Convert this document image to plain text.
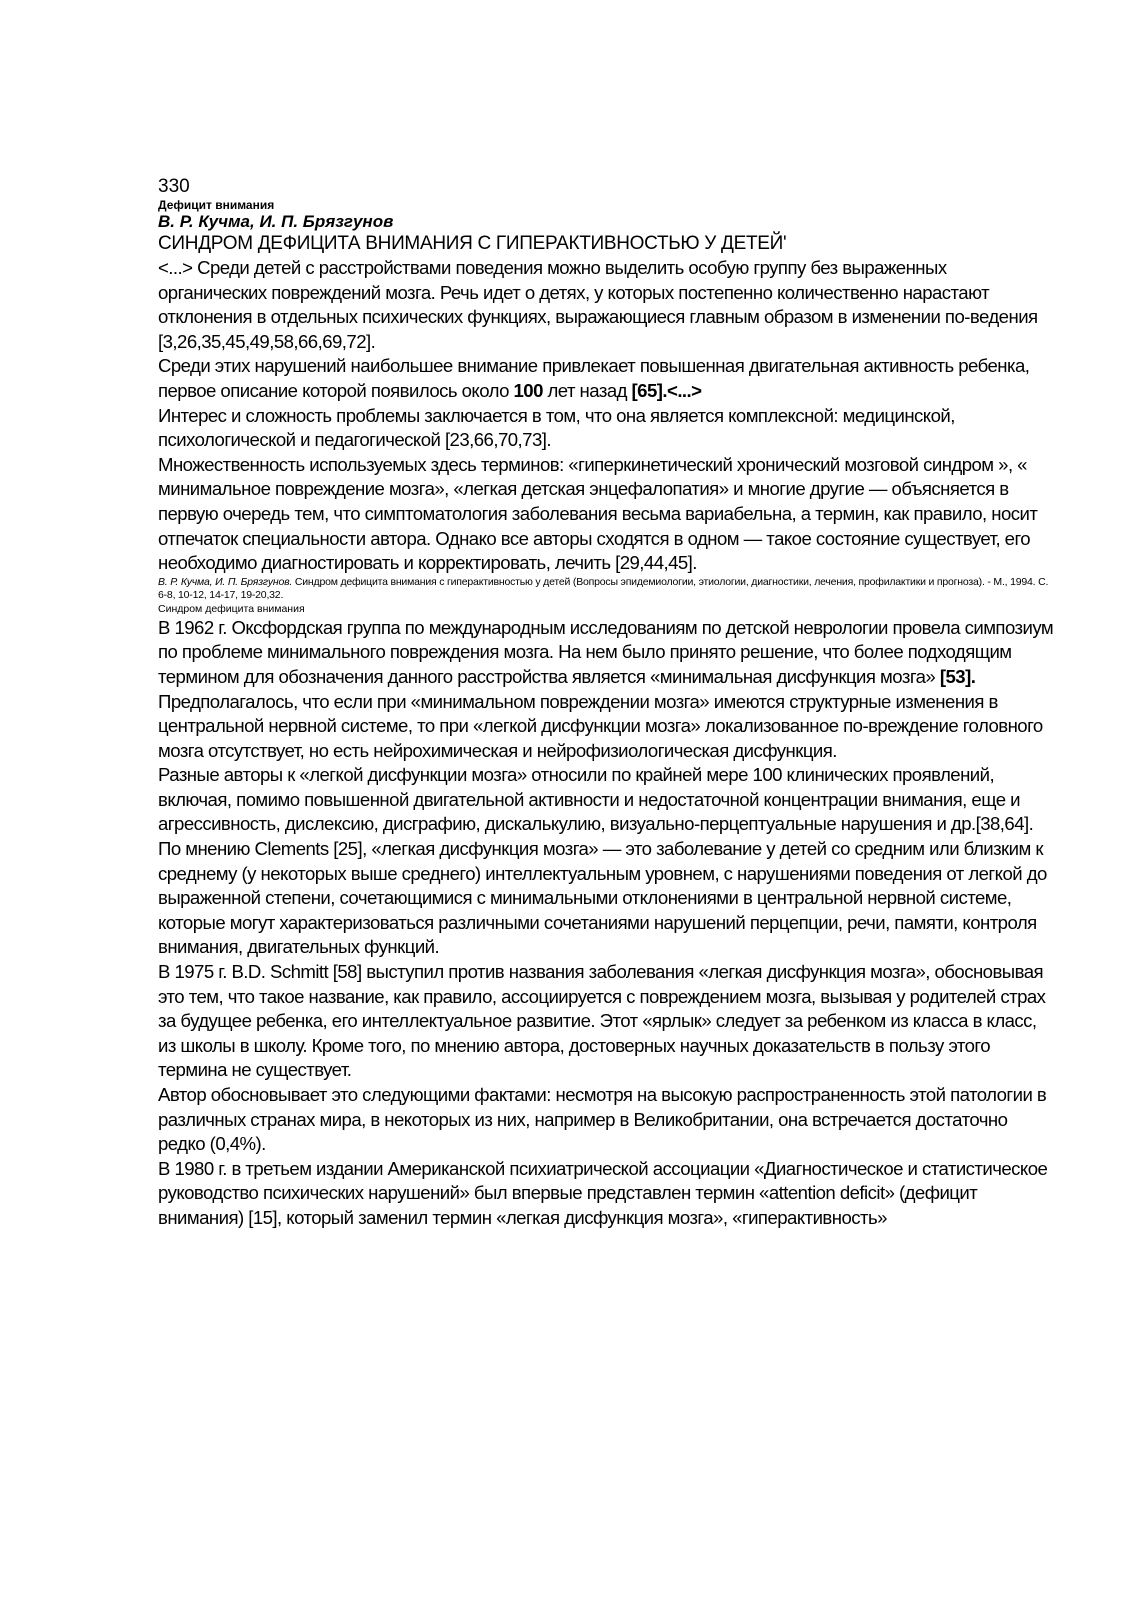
330
Дефицит внимания
В. Р. Кучма, И. П. Брязгунов
СИНДРОМ ДЕФИЦИТА ВНИМАНИЯ С ГИПЕРАКТИВНОСТЬЮ У ДЕТЕЙ'

<...> Среди детей с расстройствами поведения можно выделить особую группу без выраженных органических повреждений мозга. Речь идет о детях, у которых постепенно количественно нарастают отклонения в отдельных психических функциях, выражающиеся главным образом в изменении по-ведения [3,26,35,45,49,58,66,69,72].

Среди этих нарушений наибольшее внимание привлекает повышенная двигательная активность ребенка, первое описание которой появилось около 100 лет назад [65].<...>

Интерес и сложность проблемы заключается в том, что она является комплексной: медицинской, психологической и педагогической [23,66,70,73].

Множественность используемых здесь терминов: «гиперкинетический хронический мозговой синдром », « минимальное повреждение мозга», «легкая детская энцефалопатия» и многие другие — объясняется в первую очередь тем, что симптоматология заболевания весьма вариабельна, а термин, как правило, носит отпечаток специальности автора. Однако все авторы сходятся в одном — такое состояние существует, его необходимо диагностировать и корректировать, лечить [29,44,45].

В. Р. Кучма, И. П. Брязгунов. Синдром дефицита внимания с гиперактивностью у детей (Вопросы эпидемиологии, этиологии, диагностики, лечения, профилактики и прогноза). - М., 1994. С. 6-8, 10-12, 14-17, 19-20,32.
Синдром дефицита внимания

В 1962 г. Оксфордская группа по международным исследованиям по детской неврологии провела симпозиум по проблеме минимального повреждения мозга. На нем было принято решение, что более подходящим термином для обозначения данного расстройства является «минимальная дисфункция мозга» [53]. Предполагалось, что если при «минимальном повреждении мозга» имеются структурные изменения в центральной нервной системе, то при «легкой дисфункции мозга» локализованное по-вреждение головного мозга отсутствует, но есть нейрохимическая и нейрофизиологическая дисфункция.

Разные авторы к «легкой дисфункции мозга» относили по крайней мере 100 клинических проявлений, включая, помимо повышенной двигательной активности и недостаточной концентрации внимания, еще и агрессивность, дислексию, дисграфию, дискалькулию, визуально-перцептуальные нарушения и др.[38,64].

По мнению Clements [25], «легкая дисфункция мозга» — это заболевание у детей со средним или близким к среднему (у некоторых выше среднего) интеллектуальным уровнем, с нарушениями поведения от легкой до выраженной степени, сочетающимися с минимальными отклонениями в центральной нервной системе, которые могут характеризоваться различными сочетаниями нарушений перцепции, речи, памяти, контроля внимания, двигательных функций.

В 1975 г. B.D. Schmitt [58] выступил против названия заболевания «легкая дисфункция мозга», обосновывая это тем, что такое название, как правило, ассоциируется с повреждением мозга, вызывая у родителей страх за будущее ребенка, его интеллектуальное развитие. Этот «ярлык» следует за ребенком из класса в класс, из школы в школу. Кроме того, по мнению автора, достоверных научных доказательств в пользу этого термина не существует.

Автор обосновывает это следующими фактами: несмотря на высокую распространенность этой патологии в различных странах мира, в некоторых из них, например в Великобритании, она встречается достаточно редко (0,4%).

В 1980 г. в третьем издании Американской психиатрической ассоциации «Диагностическое и статистическое руководство психических нарушений» был впервые представлен термин «attention deficit» (дефицит внимания) [15], который заменил термин «легкая дисфункция мозга», «гиперактивность»
